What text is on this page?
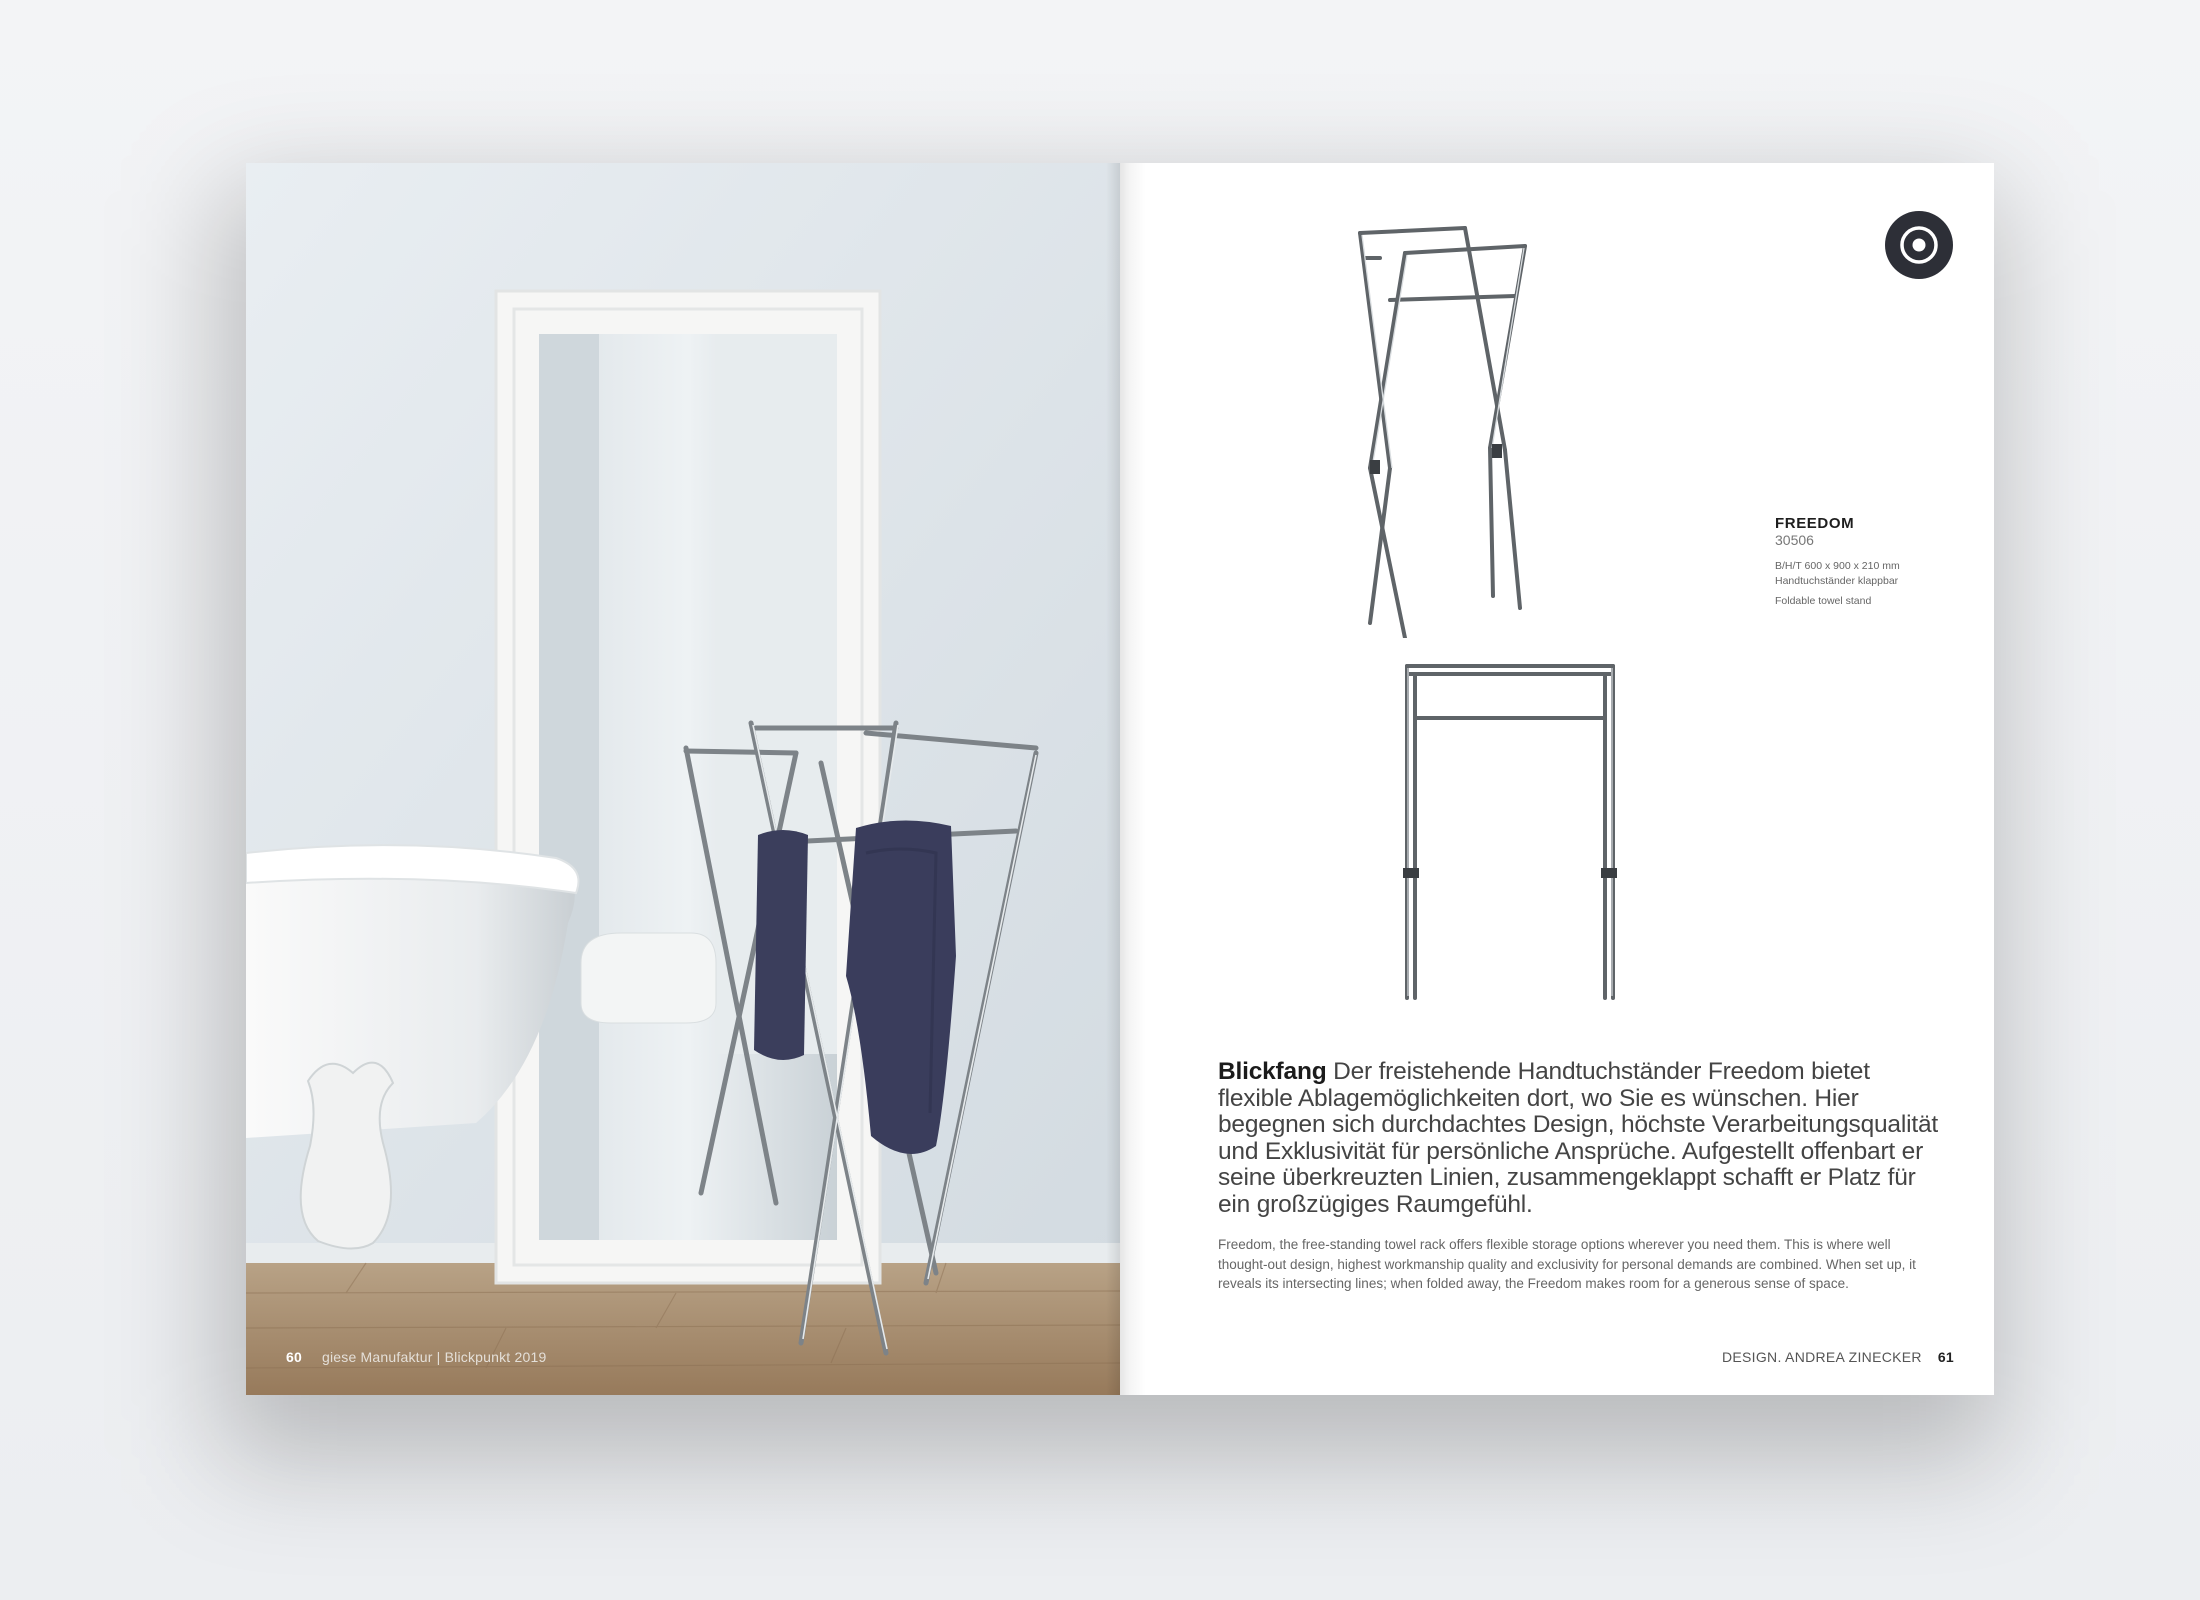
60 giese Manufaktur | Blickpunkt 2019
FREEDOM
30506
B/H/T 600 x 900 x 210 mm
Handtuchständer klappbar
Foldable towel stand
Blickfang Der freistehende Handtuchständer Freedom bietet flexible Ablagemöglichkeiten dort, wo Sie es wünschen. Hier begegnen sich durchdachtes Design, höchste Verarbeitungsqualität und Exklusivität für persönliche Ansprüche. Aufgestellt offenbart er seine überkreuzten Linien, zusammengeklappt schafft er Platz für ein großzügiges Raumgefühl.
Freedom, the free-standing towel rack offers flexible storage options wherever you need them. This is where well thought-out design, highest workmanship quality and exclusivity for personal demands are combined. When set up, it reveals its intersecting lines; when folded away, the Freedom makes room for a generous sense of space.
DESIGN. ANDREA ZINECKER 61
